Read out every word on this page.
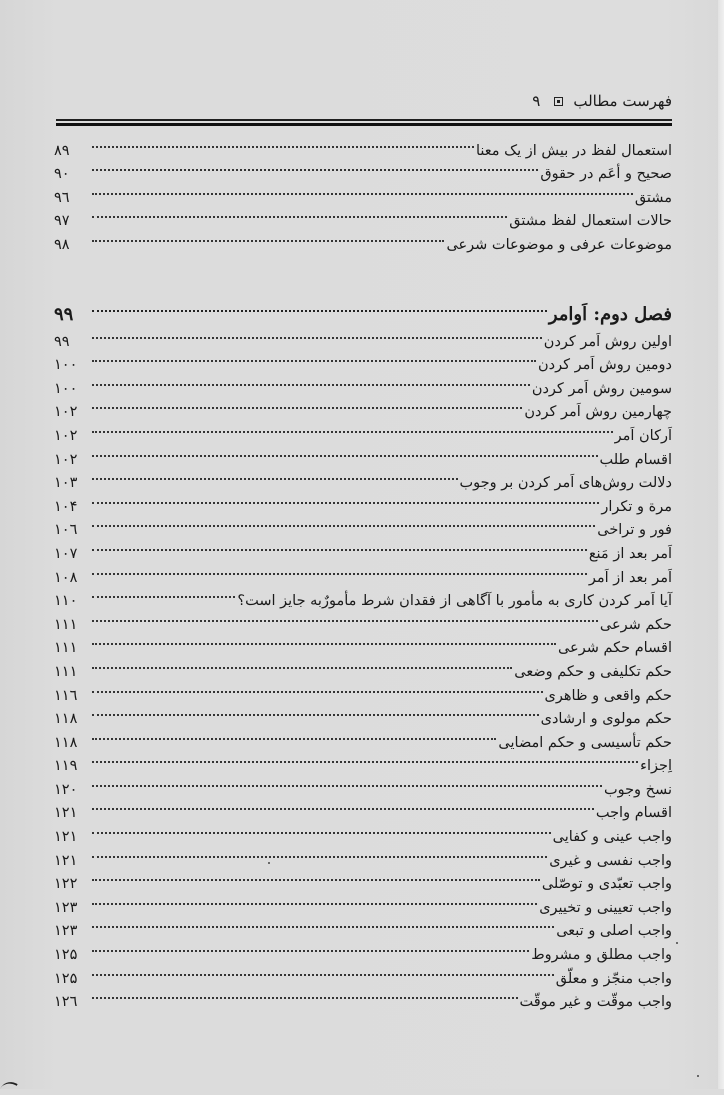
فهرست مطالب
۹
استعمال لفظ در بیش از یک معنا
۸۹
صحیح و أعَم در حقوق
۹۰
مشتق
۹٦
حالات استعمال لفظ مشتق
۹۷
موضوعات عرفی و موضوعات شرعی
۹۸
فصل دوم: اَوامر
۹۹
اولین روش اَمر کردن
۹۹
دومین روش اَمر کردن
۱۰۰
سومین روش اَمر کردن
۱۰۰
چهارمین روش اَمر کردن
۱۰۲
اَرکان اَمر
۱۰۲
اقسام طلب
۱۰۲
دلالت روش‌های اَمر کردن بر وجوب
۱۰۳
مرة و تکرار
۱۰۴
فور و تراخی
۱۰٦
اَمر بعد از مَنع
۱۰۷
اَمر بعد از اَمر
۱۰۸
آیا اَمر کردن کاری به مأمور با آگاهی از فقدان شرط مأمورٌبه جایز است؟
۱۱۰
حکم شرعی
۱۱۱
اقسام حکم شرعی
۱۱۱
حکم تکلیفی و حکم وضعی
۱۱۱
حکم واقعی و ظاهری
۱۱٦
حکم مولوی و ارشادی
۱۱۸
حکم تأسیسی و حکم امضایی
۱۱۸
اِجزاء
۱۱۹
نسخ وجوب
۱۲۰
اقسام واجب
۱۲۱
واجب عینی و کفایی
۱۲۱
واجب نفسی و غیری
۱۲۱
واجب تعبّدی و توصّلی
۱۲۲
واجب تعیینی و تخییری
۱۲۳
واجب اصلی و تبعی
۱۲۳
واجب مطلق و مشروط
۱۲۵
واجب منجّز و معلّق
۱۲۵
واجب موقّت و غیر موقّت
۱۲٦
